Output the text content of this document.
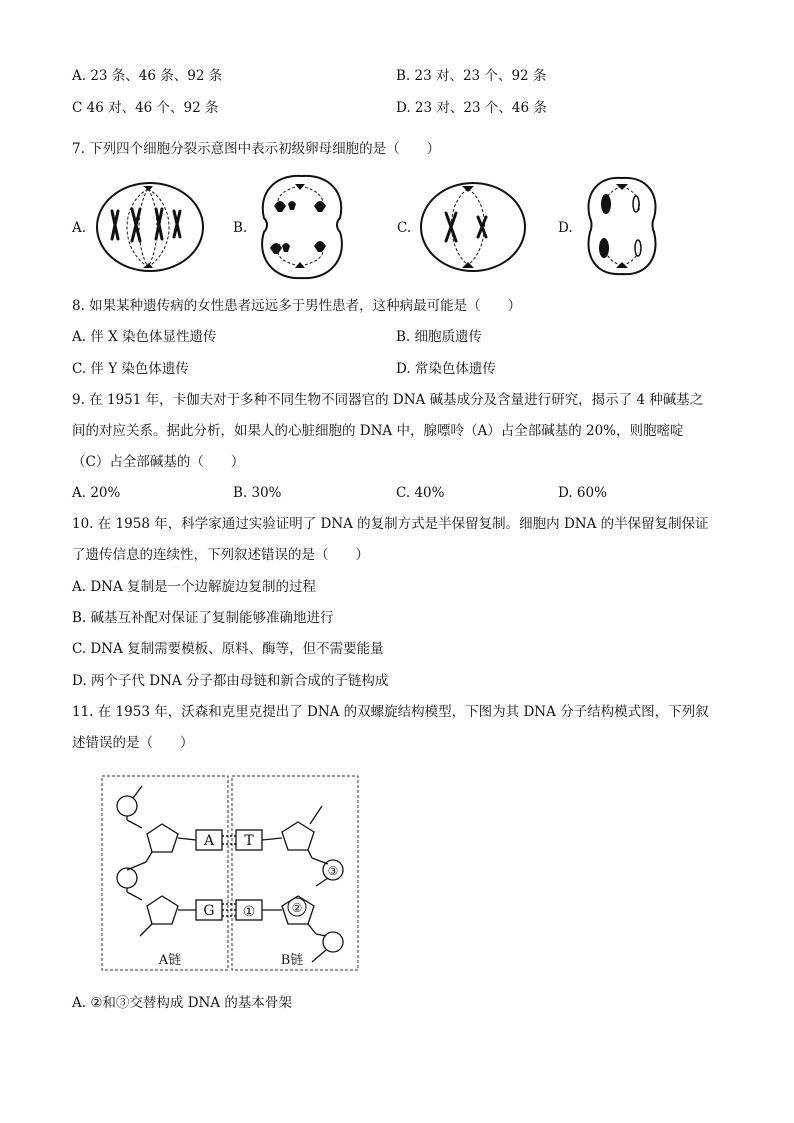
A. 23 条、46 条、92 条	B. 23 对、23 个、92 条
C 46 对、46 个、92 条	D. 23 对、23 个、46 条
7. 下列四个细胞分裂示意图中表示初级卵母细胞的是（　　）
A.	B.	C.	D.
8. 如果某种遗传病的女性患者远远多于男性患者，这种病最可能是（　　）
A. 伴 X 染色体显性遗传	B. 细胞质遗传
C. 伴 Y 染色体遗传	D. 常染色体遗传
9. 在 1951 年，卡伽夫对于多种不同生物不同器官的 DNA 碱基成分及含量进行研究，揭示了 4 种碱基之
间的对应关系。据此分析，如果人的心脏细胞的 DNA 中，腺嘌呤（A）占全部碱基的 20%，则胞嘧啶
（C）占全部碱基的（　　）
A. 20%	B. 30%	C. 40%	D. 60%
10. 在 1958 年，科学家通过实验证明了 DNA 的复制方式是半保留复制。细胞内 DNA 的半保留复制保证
了遗传信息的连续性，下列叙述错误的是（　　）
A. DNA 复制是一个边解旋边复制的过程
B. 碱基互补配对保证了复制能够准确地进行
C. DNA 复制需要模板、原料、酶等，但不需要能量
D. 两个子代 DNA 分子都由母链和新合成的子链构成
11. 在 1953 年，沃森和克里克提出了 DNA 的双螺旋结构模型，下图为其 DNA 分子结构模式图，下列叙
述错误的是（　　）
A T
G ①	②
③
A链	B链
A. ②和③交替构成 DNA 的基本骨架
